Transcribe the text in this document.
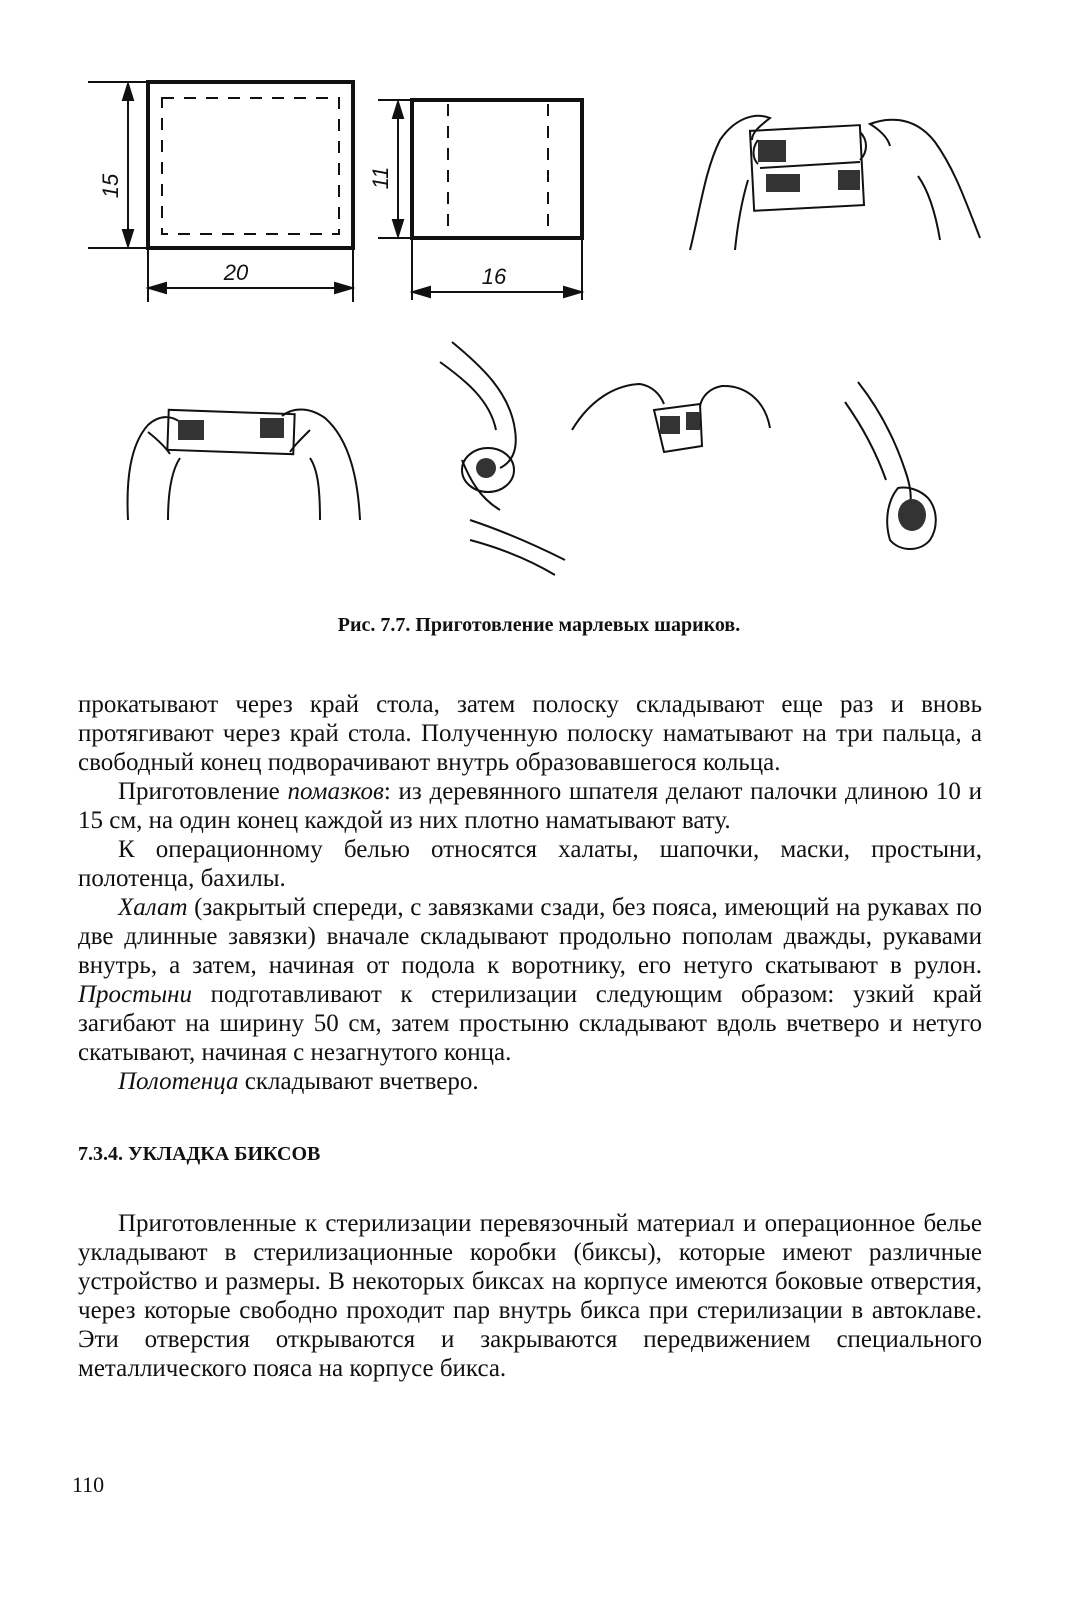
15
20
11
16
Рис. 7.7. Приготовление марлевых шариков.

прокатывают через край стола, затем полоску складывают еще раз и вновь протягивают через край стола. Полученную полоску наматывают на три пальца, а свободный конец подворачивают внутрь образовавшегося кольца.

Приготовление помазков: из деревянного шпателя делают палочки длиною 10 и 15 см, на один конец каждой из них плотно наматывают вату.

К операционному белью относятся халаты, шапочки, маски, простыни, полотенца, бахилы.

Халат (закрытый спереди, с завязками сзади, без пояса, имеющий на рукавах по две длинные завязки) вначале складывают продольно пополам дважды, рукавами внутрь, а затем, начиная от подола к воротнику, его нетуго скатывают в рулон. Простыни подготавливают к стерилизации следующим образом: узкий край загибают на ширину 50 см, затем простыню складывают вдоль вчетверо и нетуго скатывают, начиная с незагнутого конца.

Полотенца складывают вчетверо.

7.3.4. УКЛАДКА БИКСОВ

Приготовленные к стерилизации перевязочный материал и операционное белье укладывают в стерилизационные коробки (биксы), которые имеют различные устройство и размеры. В некоторых биксах на корпусе имеются боковые отверстия, через которые свободно проходит пар внутрь бикса при стерилизации в автоклаве. Эти отверстия открываются и закрываются передвижением специального металлического пояса на корпусе бикса.

110
